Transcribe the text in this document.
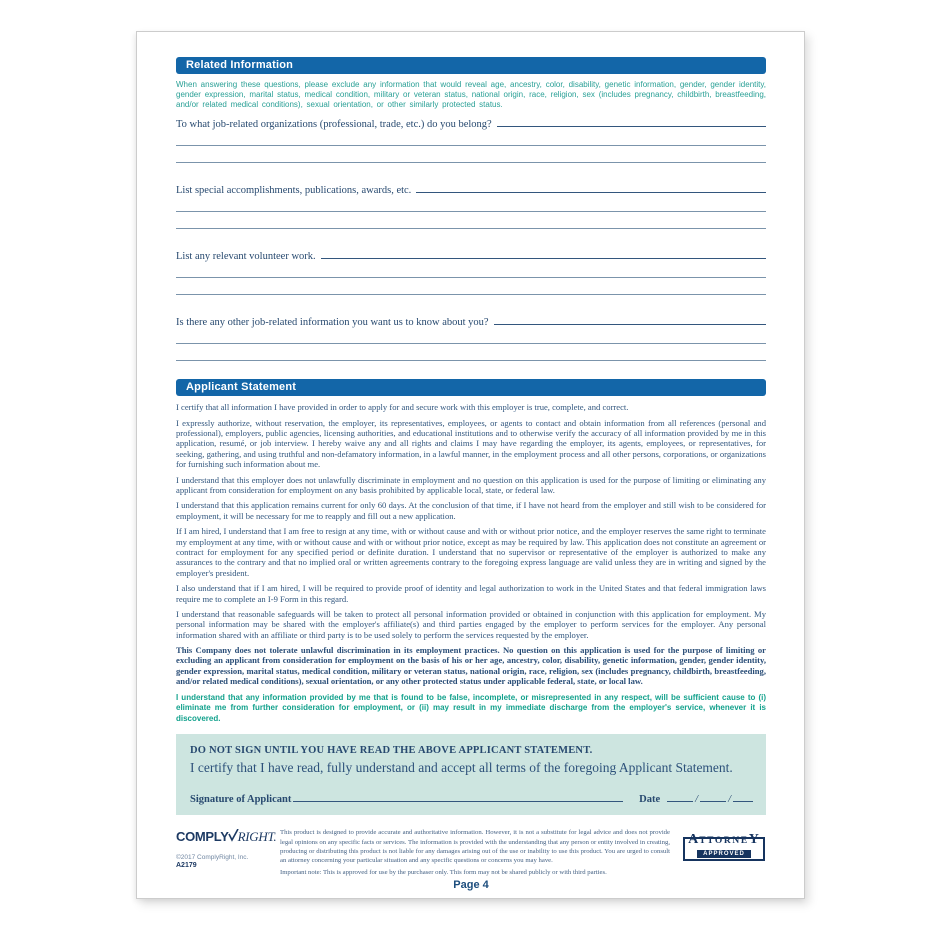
Related Information

When answering these questions, please exclude any information that would reveal age, ancestry, color, disability, genetic information, gender, gender identity, gender expression, marital status, medical condition, military or veteran status, national origin, race, religion, sex (includes pregnancy, childbirth, breastfeeding, and/or related medical conditions), sexual orientation, or other similarly protected status.

To what job-related organizations (professional, trade, etc.) do you belong?
List special accomplishments, publications, awards, etc.
List any relevant volunteer work.
Is there any other job-related information you want us to know about you?
Applicant Statement

I certify that all information I have provided in order to apply for and secure work with this employer is true, complete, and correct.

I expressly authorize, without reservation, the employer, its representatives, employees, or agents to contact and obtain information from all references (personal and professional), employers, public agencies, licensing authorities, and educational institutions and to otherwise verify the accuracy of all information provided by me in this application, resumé, or job interview. I hereby waive any and all rights and claims I may have regarding the employer, its agents, employees, or representatives, for seeking, gathering, and using truthful and non-defamatory information, in a lawful manner, in the employment process and all other persons, corporations, or organizations for furnishing such information about me.

I understand that this employer does not unlawfully discriminate in employment and no question on this application is used for the purpose of limiting or eliminating any applicant from consideration for employment on any basis prohibited by applicable local, state, or federal law.

I understand that this application remains current for only 60 days. At the conclusion of that time, if I have not heard from the employer and still wish to be considered for employment, it will be necessary for me to reapply and fill out a new application.

If I am hired, I understand that I am free to resign at any time, with or without cause and with or without prior notice, and the employer reserves the same right to terminate my employment at any time, with or without cause and with or without prior notice, except as may be required by law. This application does not constitute an agreement or contract for employment for any specified period or definite duration. I understand that no supervisor or representative of the employer is authorized to make any assurances to the contrary and that no implied oral or written agreements contrary to the foregoing express language are valid unless they are in writing and signed by the employer's president.

I also understand that if I am hired, I will be required to provide proof of identity and legal authorization to work in the United States and that federal immigration laws require me to complete an I-9 Form in this regard.

I understand that reasonable safeguards will be taken to protect all personal information provided or obtained in conjunction with this application for employment. My personal information may be shared with the employer's affiliate(s) and third parties engaged by the employer to perform services for the employer. Any personal information shared with an affiliate or third party is to be used solely to perform the services requested by the employer.

This Company does not tolerate unlawful discrimination in its employment practices. No question on this application is used for the purpose of limiting or excluding an applicant from consideration for employment on the basis of his or her age, ancestry, color, disability, genetic information, gender, gender identity, gender expression, marital status, medical condition, military or veteran status, national origin, race, religion, sex (includes pregnancy, childbirth, breastfeeding, and/or related medical conditions), sexual orientation, or any other protected status under applicable federal, state, or local law.

I understand that any information provided by me that is found to be false, incomplete, or misrepresented in any respect, will be sufficient cause to (i) eliminate me from further consideration for employment, or (ii) may result in my immediate discharge from the employer's service, whenever it is discovered.

DO NOT SIGN UNTIL YOU HAVE READ THE ABOVE APPLICANT STATEMENT.

I certify that I have read, fully understand and accept all terms of the foregoing Applicant Statement.

Signature of Applicant	Date	/	/
COMPLY RIGHT.
©2017 ComplyRight, Inc.
A2179

This product is designed to provide accurate and authoritative information. However, it is not a substitute for legal advice and does not provide legal opinions on any specific facts or services. The information is provided with the understanding that any person or entity involved in creating, producing or distributing this product is not liable for any damages arising out of the use or inability to use this product. You are urged to consult an attorney concerning your particular situation and any specific questions or concerns you may have.

Important note: This is approved for use by the purchaser only. This form may not be shared publicly or with third parties.

ATTORNEY
APPROVED
Page 4
